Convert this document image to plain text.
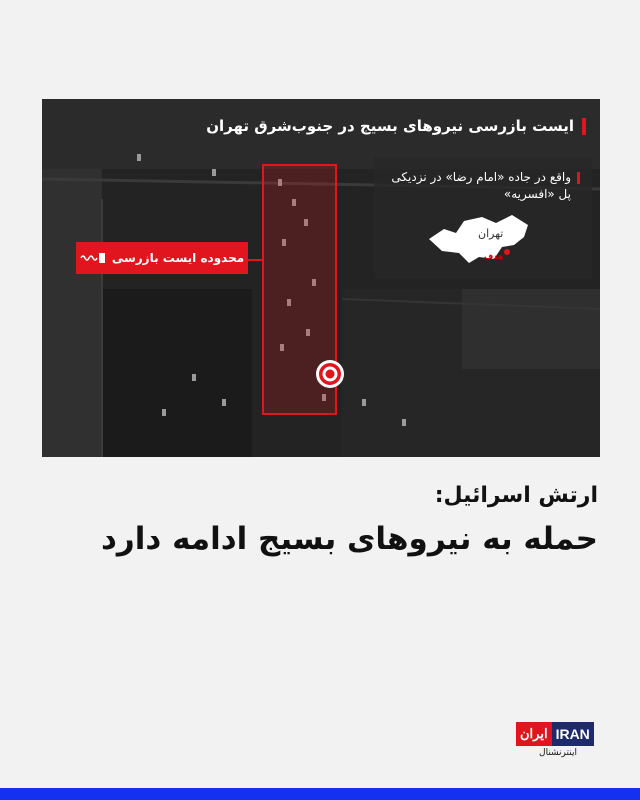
ایست بازرسی نیروهای بسیج در جنوب‌شرق تهران
محدوده ایست بازرسی
واقع در جاده «امام رضا» در نزدیکی پل «افسریه»
تهران
هدف
ارتش اسرائیل:
حمله به نیروهای بسیج ادامه دارد
ایران IRAN
اینترنشنال
